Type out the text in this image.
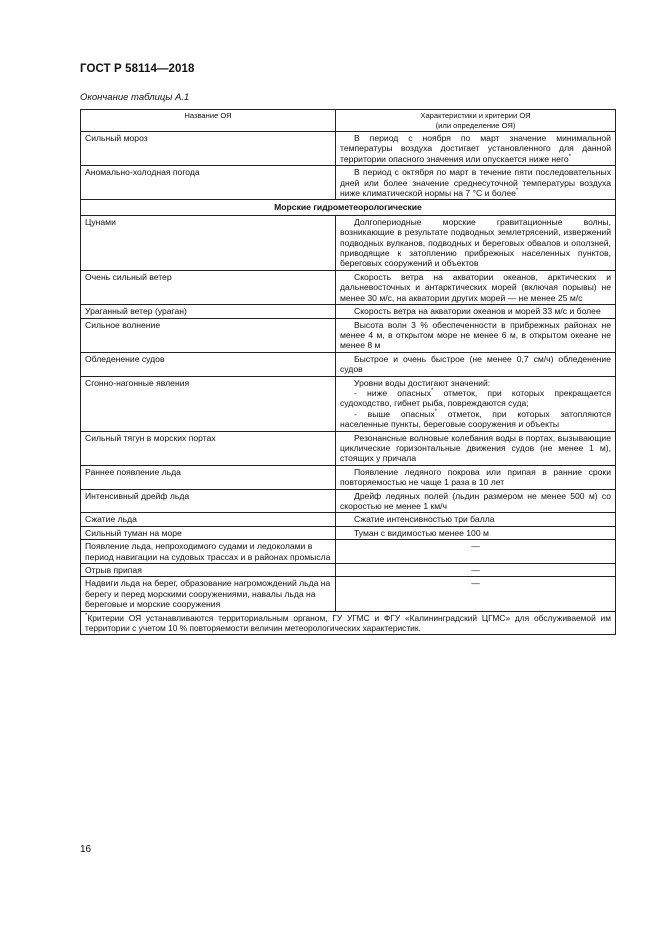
ГОСТ Р 58114—2018
Окончание таблицы А.1
Название ОЯ	Характеристики и критерии ОЯ
(или определение ОЯ)
Сильный мороз	В период с ноября по март значение минимальной температуры воздуха достигает установленного для данной территории опасного значения или опускается ниже него*

Аномально-холодная погода	В период с октября по март в течение пяти последовательных дней или более значение среднесуточной температуры воздуха ниже климатической нормы на 7 °С и более*

Морские гидрометеорологические	
Цунами	Долгопериодные морские гравитационные волны, возникающие в результате подводных землетрясений, извержений подводных вулканов, подводных и береговых обвалов и оползней, приводящие к затоплению прибрежных населенных пунктов, береговых сооружений и объектов

Очень сильный ветер	Скорость ветра на акватории океанов, арктических и дальневосточных и антарктических морей (включая порывы) не менее 30 м/с, на акватории других морей — не менее 25 м/с

Ураганный ветер (ураган)	Скорость ветра на акватории океанов и морей 33 м/с и более

Сильное волнение	Высота волн 3 % обеспеченности в прибрежных районах не менее 4 м, в открытом море не менее 6 м, в открытом океане не менее 8 м

Обледенение судов	Быстрое и очень быстрое (не менее 0,7 см/ч) обледенение судов

Сгонно-нагонные явления	Уровни воды достигают значений:
- ниже опасных* отметок, при которых прекращается судоходство, гибнет рыба, повреждаются суда;
- выше опасных* отметок, при которых затопляются населенные пункты, береговые сооружения и объекты

Сильный тягун в морских портах	Резонансные волновые колебания воды в портах, вызывающие циклические горизонтальные движения судов (не менее 1 м), стоящих у причала

Раннее появление льда	Появление ледяного покрова или припая в ранние сроки повторяемостью не чаще 1 раза в 10 лет

Интенсивный дрейф льда	Дрейф ледяных полей (льдин размером не менее 500 м) со скоростью не менее 1 км/ч

Сжатие льда	Сжатие интенсивностью три балла

Сильный туман на море	Туман с видимостью менее 100 м

Появление льда, непроходимого судами и ледоколами в период навигации на судовых трассах и в районах промысла	—
Отрыв припая	—
Надвиги льда на берег, образование нагромождений льда на берегу и перед морскими сооружениями, навалы льда на береговые и морские сооружения	—
*Критерии ОЯ устанавливаются территориальным органом, ГУ УГМС и ФГУ «Калининградский ЦГМС» для обслуживаемой им территории с учетом 10 % повторяемости величин метеорологических характеристик.	
16
